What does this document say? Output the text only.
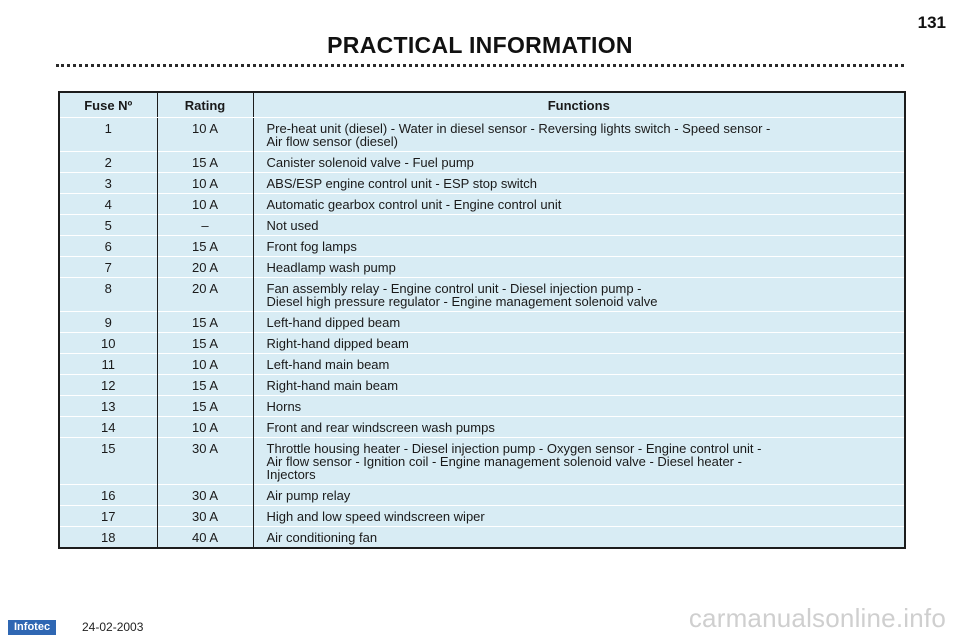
131
PRACTICAL INFORMATION
Fuse Nº	Rating	Functions
1	10 A	Pre-heat unit (diesel) - Water in diesel sensor - Reversing lights switch - Speed sensor -
Air flow sensor (diesel)
2	15 A	Canister solenoid valve - Fuel pump
3	10 A	ABS/ESP engine control unit - ESP stop switch
4	10 A	Automatic gearbox control unit - Engine control unit
5	–	Not used
6	15 A	Front fog lamps
7	20 A	Headlamp wash pump
8	20 A	Fan assembly relay - Engine control unit - Diesel injection pump -
Diesel high pressure regulator - Engine management solenoid valve
9	15 A	Left-hand dipped beam
10	15 A	Right-hand dipped beam
11	10 A	Left-hand main beam
12	15 A	Right-hand main beam
13	15 A	Horns
14	10 A	Front and rear windscreen wash pumps
15	30 A	Throttle housing heater - Diesel injection pump - Oxygen sensor - Engine control unit -
Air flow sensor - Ignition coil - Engine management solenoid valve - Diesel heater -
Injectors
16	30 A	Air pump relay
17	30 A	High and low speed windscreen wiper
18	40 A	Air conditioning fan
Infotec	24-02-2003	carmanualsonline.info
